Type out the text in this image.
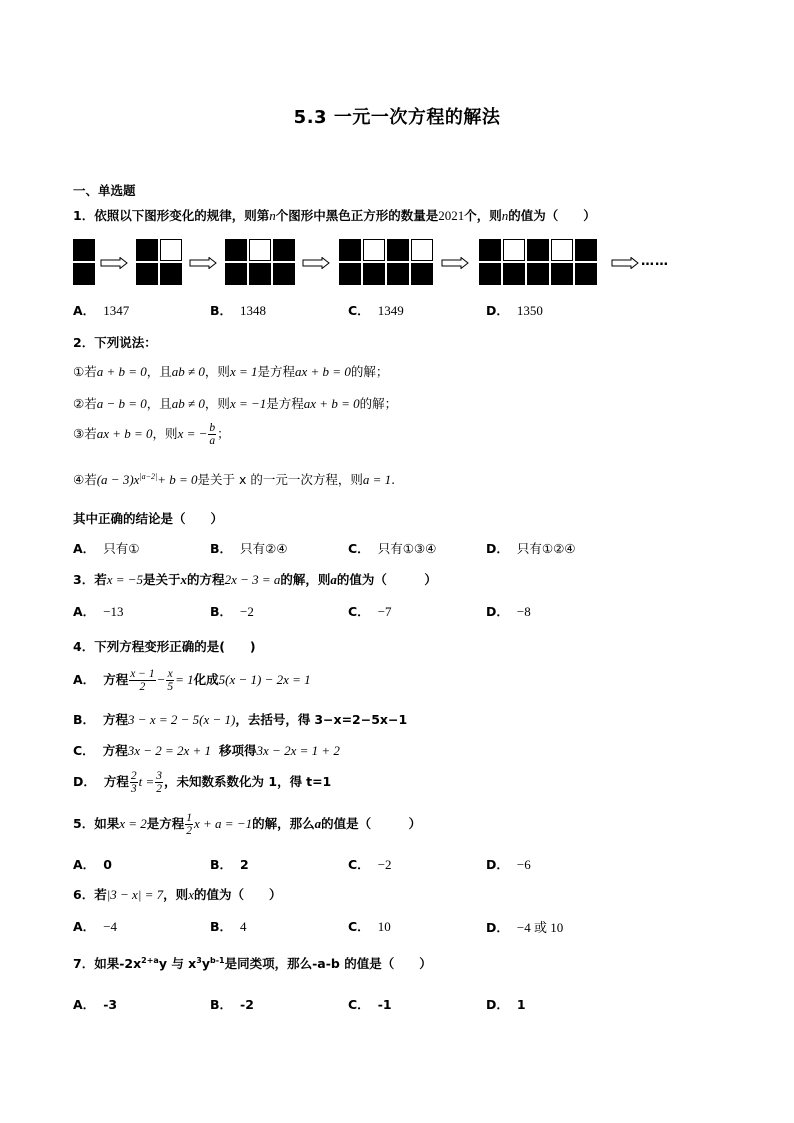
5.3 一元一次方程的解法
一、单选题
1．依照以下图形变化的规律，则第n个图形中黑色正方形的数量是2021个，则n的值为（　　）
……
A． 1347	B． 1348	C． 1349	D． 1350
2．下列说法：
①若a + b = 0，且ab ≠ 0，则x = 1是方程ax + b = 0的解；
②若a − b = 0，且ab ≠ 0，则x = −1是方程ax + b = 0的解；
③若ax + b = 0，则x = − $\frac{b}{a}$ ；
④若$(a - 3)x^{|a-2|}+ b = 0$是关于 x 的一元一次方程，则a = 1.
其中正确的结论是（　　）
A． 只有①	B． 只有②④	C． 只有①③④	D． 只有①②④
3．若x = −5是关于x的方程2x − 3 = a的解，则a的值为（　　　）
A． −13	B． −2	C． −7	D． −8
4．下列方程变形正确的是(　　)
A． 方程 $\frac{x - 1}{2} - \frac{x}{5} = 1$化成5(x − 1) − 2x = 1
B． 方程3 − x = 2 − 5(x − 1)，去括号，得 3−x=2−5x−1
C． 方程3x − 2 = 2x + 1 移项得3x − 2x = 1 + 2
D． 方程 $\frac{2}{3}$ $t = \frac{3}{2}$ ，未知数系数化为 1，得 t=1
5．如果x = 2是方程 $\frac{1}{2}$ x + a = −1的解，那么a的值是（　　　）
A． 0	B． 2	C． −2	D． −6
6．若|3 − x| = 7，则x的值为（　　）
A． −4	B． 4	C． 10	D． −4 或 10
7．如果$-2x^{2+a}y$ 与 $x^3y^{b-1}$是同类项，那么-a-b 的值是（　　）
A． -3	B． -2	C． -1	D． 1
